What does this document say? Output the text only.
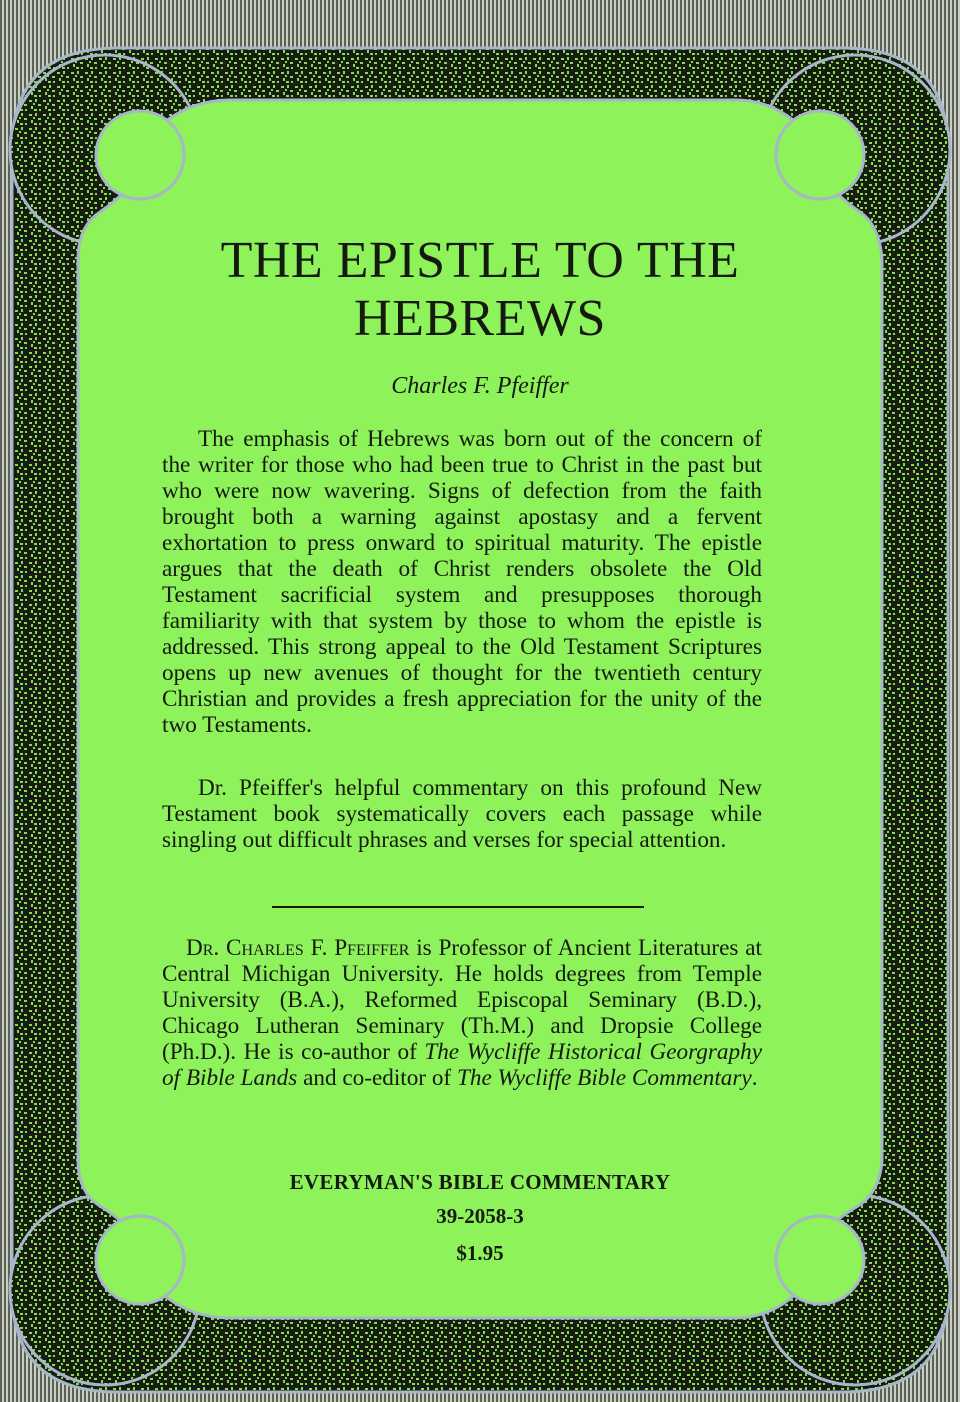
THE EPISTLE TO THE HEBREWS
Charles F. Pfeiffer
The emphasis of Hebrews was born out of the concern of the writer for those who had been true to Christ in the past but who were now wavering. Signs of defection from the faith brought both a warning against apostasy and a fervent exhortation to press onward to spiritual maturity. The epistle argues that the death of Christ renders obsolete the Old Testament sacrificial system and presupposes thorough familiarity with that system by those to whom the epistle is addressed. This strong appeal to the Old Testament Scriptures opens up new avenues of thought for the twentieth century Christian and provides a fresh appreciation for the unity of the two Testaments.
Dr. Pfeiffer's helpful commentary on this profound New Testament book systematically covers each passage while singling out difficult phrases and verses for special attention.
Dr. Charles F. Pfeiffer is Professor of Ancient Literatures at Central Michigan University. He holds degrees from Temple University (B.A.), Reformed Episcopal Seminary (B.D.), Chicago Lutheran Seminary (Th.M.) and Dropsie College (Ph.D.). He is co-author of The Wycliffe Historical Georgraphy of Bible Lands and co-editor of The Wycliffe Bible Commentary.
EVERYMAN'S BIBLE COMMENTARY
39-2058-3
$1.95
